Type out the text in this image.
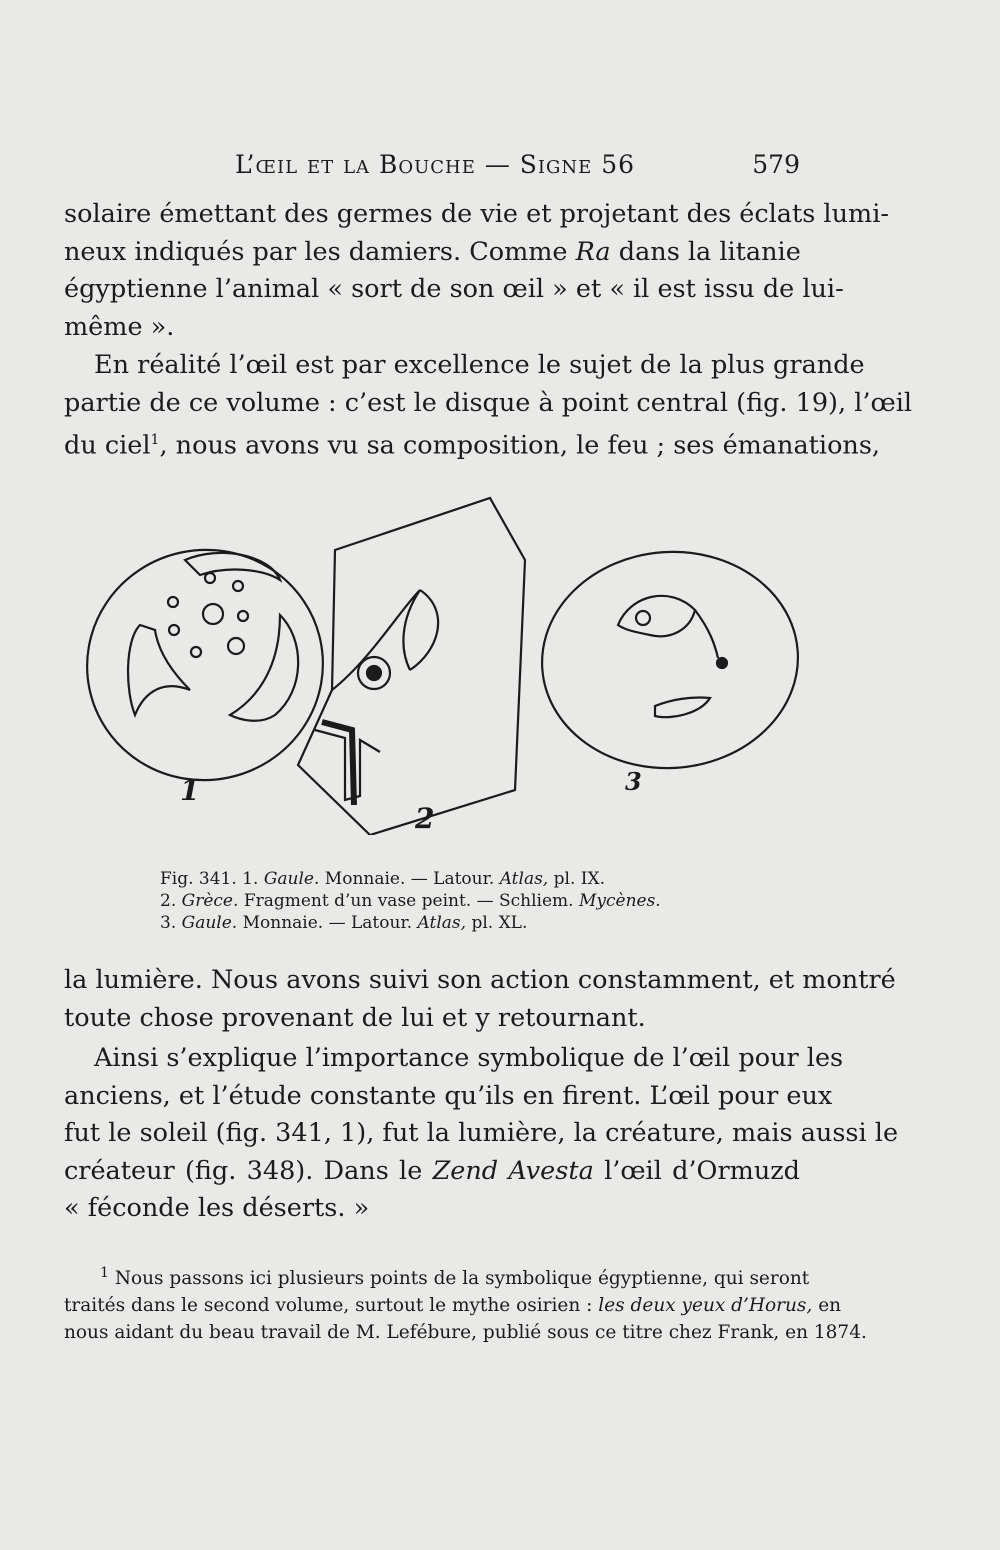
L’œil et la Bouche — Signe 56	579
solaire émettant des germes de vie et projetant des éclats lumi-
neux indiqués par les damiers. Comme Ra dans la litanie
égyptienne l’animal « sort de son œil » et « il est issu de lui-
même ».
En réalité l’œil est par excellence le sujet de la plus grande
partie de ce volume : c’est le disque à point central (fig. 19), l’œil
du ciel$^1$, nous avons vu sa composition, le feu ; ses émanations,
1
2
3
Fig. 341. 1. Gaule. Monnaie. — Latour. Atlas, pl. IX.
2. Grèce. Fragment d’un vase peint. — Schliem. Mycènes.
3. Gaule. Monnaie. — Latour. Atlas, pl. XL.
la lumière. Nous avons suivi son action constamment, et montré
toute chose provenant de lui et y retournant.
Ainsi s’explique l’importance symbolique de l’œil pour les
anciens, et l’étude constante qu’ils en firent. L’œil pour eux
fut le soleil (fig. 341, 1), fut la lumière, la créature, mais aussi le
créateur (fig. 348). Dans le Zend Avesta l’œil d’Ormuzd
« féconde les déserts. »
$^1$ Nous passons ici plusieurs points de la symbolique égyptienne, qui seront
traités dans le second volume, surtout le mythe osirien : les deux yeux d’Horus, en
nous aidant du beau travail de M. Lefébure, publié sous ce titre chez Frank, en 1874.
